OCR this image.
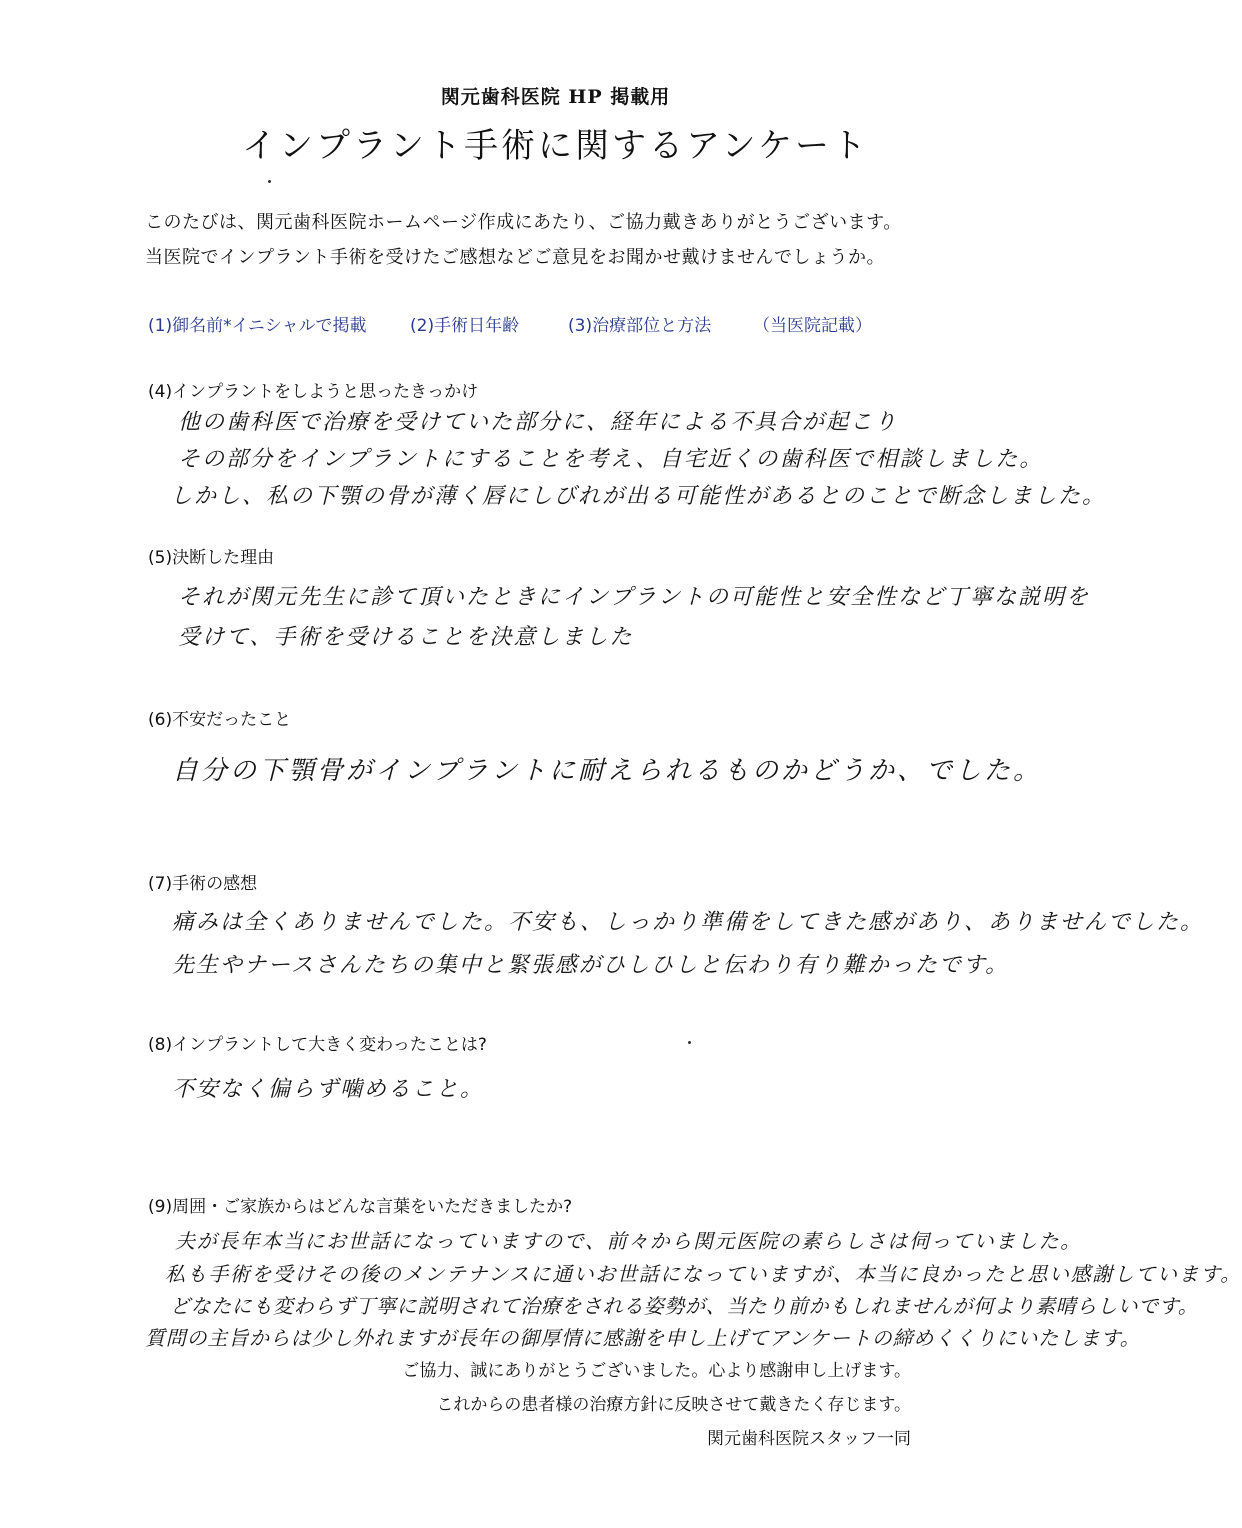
関元歯科医院 HP 掲載用
インプラント手術に関するアンケート
このたびは、関元歯科医院ホームページ作成にあたり、ご協力戴きありがとうございます。
当医院でインプラント手術を受けたご感想などご意見をお聞かせ戴けませんでしょうか。
(1)御名前*イニシャルで掲載	(2)手術日年齢	(3)治療部位と方法 （当医院記載）
(4)インプラントをしようと思ったきっかけ
他の歯科医で治療を受けていた部分に、経年による不具合が起こり
その部分をインプラントにすることを考え、自宅近くの歯科医で相談しました。
しかし、私の下顎の骨が薄く唇にしびれが出る可能性があるとのことで断念しました。
(5)決断した理由
それが関元先生に診て頂いたときにインプラントの可能性と安全性など丁寧な説明を
受けて、手術を受けることを決意しました
(6)不安だったこと
自分の下顎骨がインプラントに耐えられるものかどうか、でした。
(7)手術の感想
痛みは全くありませんでした。不安も、しっかり準備をしてきた感があり、ありませんでした。
先生やナースさんたちの集中と緊張感がひしひしと伝わり有り難かったです。
(8)インプラントして大きく変わったことは?
不安なく偏らず噛めること。
(9)周囲・ご家族からはどんな言葉をいただきましたか?
夫が長年本当にお世話になっていますので、前々から関元医院の素らしさは伺っていました。
私も手術を受けその後のメンテナンスに通いお世話になっていますが、本当に良かったと思い感謝しています。
どなたにも変わらず丁寧に説明されて治療をされる姿勢が、当たり前かもしれませんが何より素晴らしいです。
質問の主旨からは少し外れますが長年の御厚情に感謝を申し上げてアンケートの締めくくりにいたします。
ご協力、誠にありがとうございました。心より感謝申し上げます。
これからの患者様の治療方針に反映させて戴きたく存じます。
関元歯科医院スタッフ一同
